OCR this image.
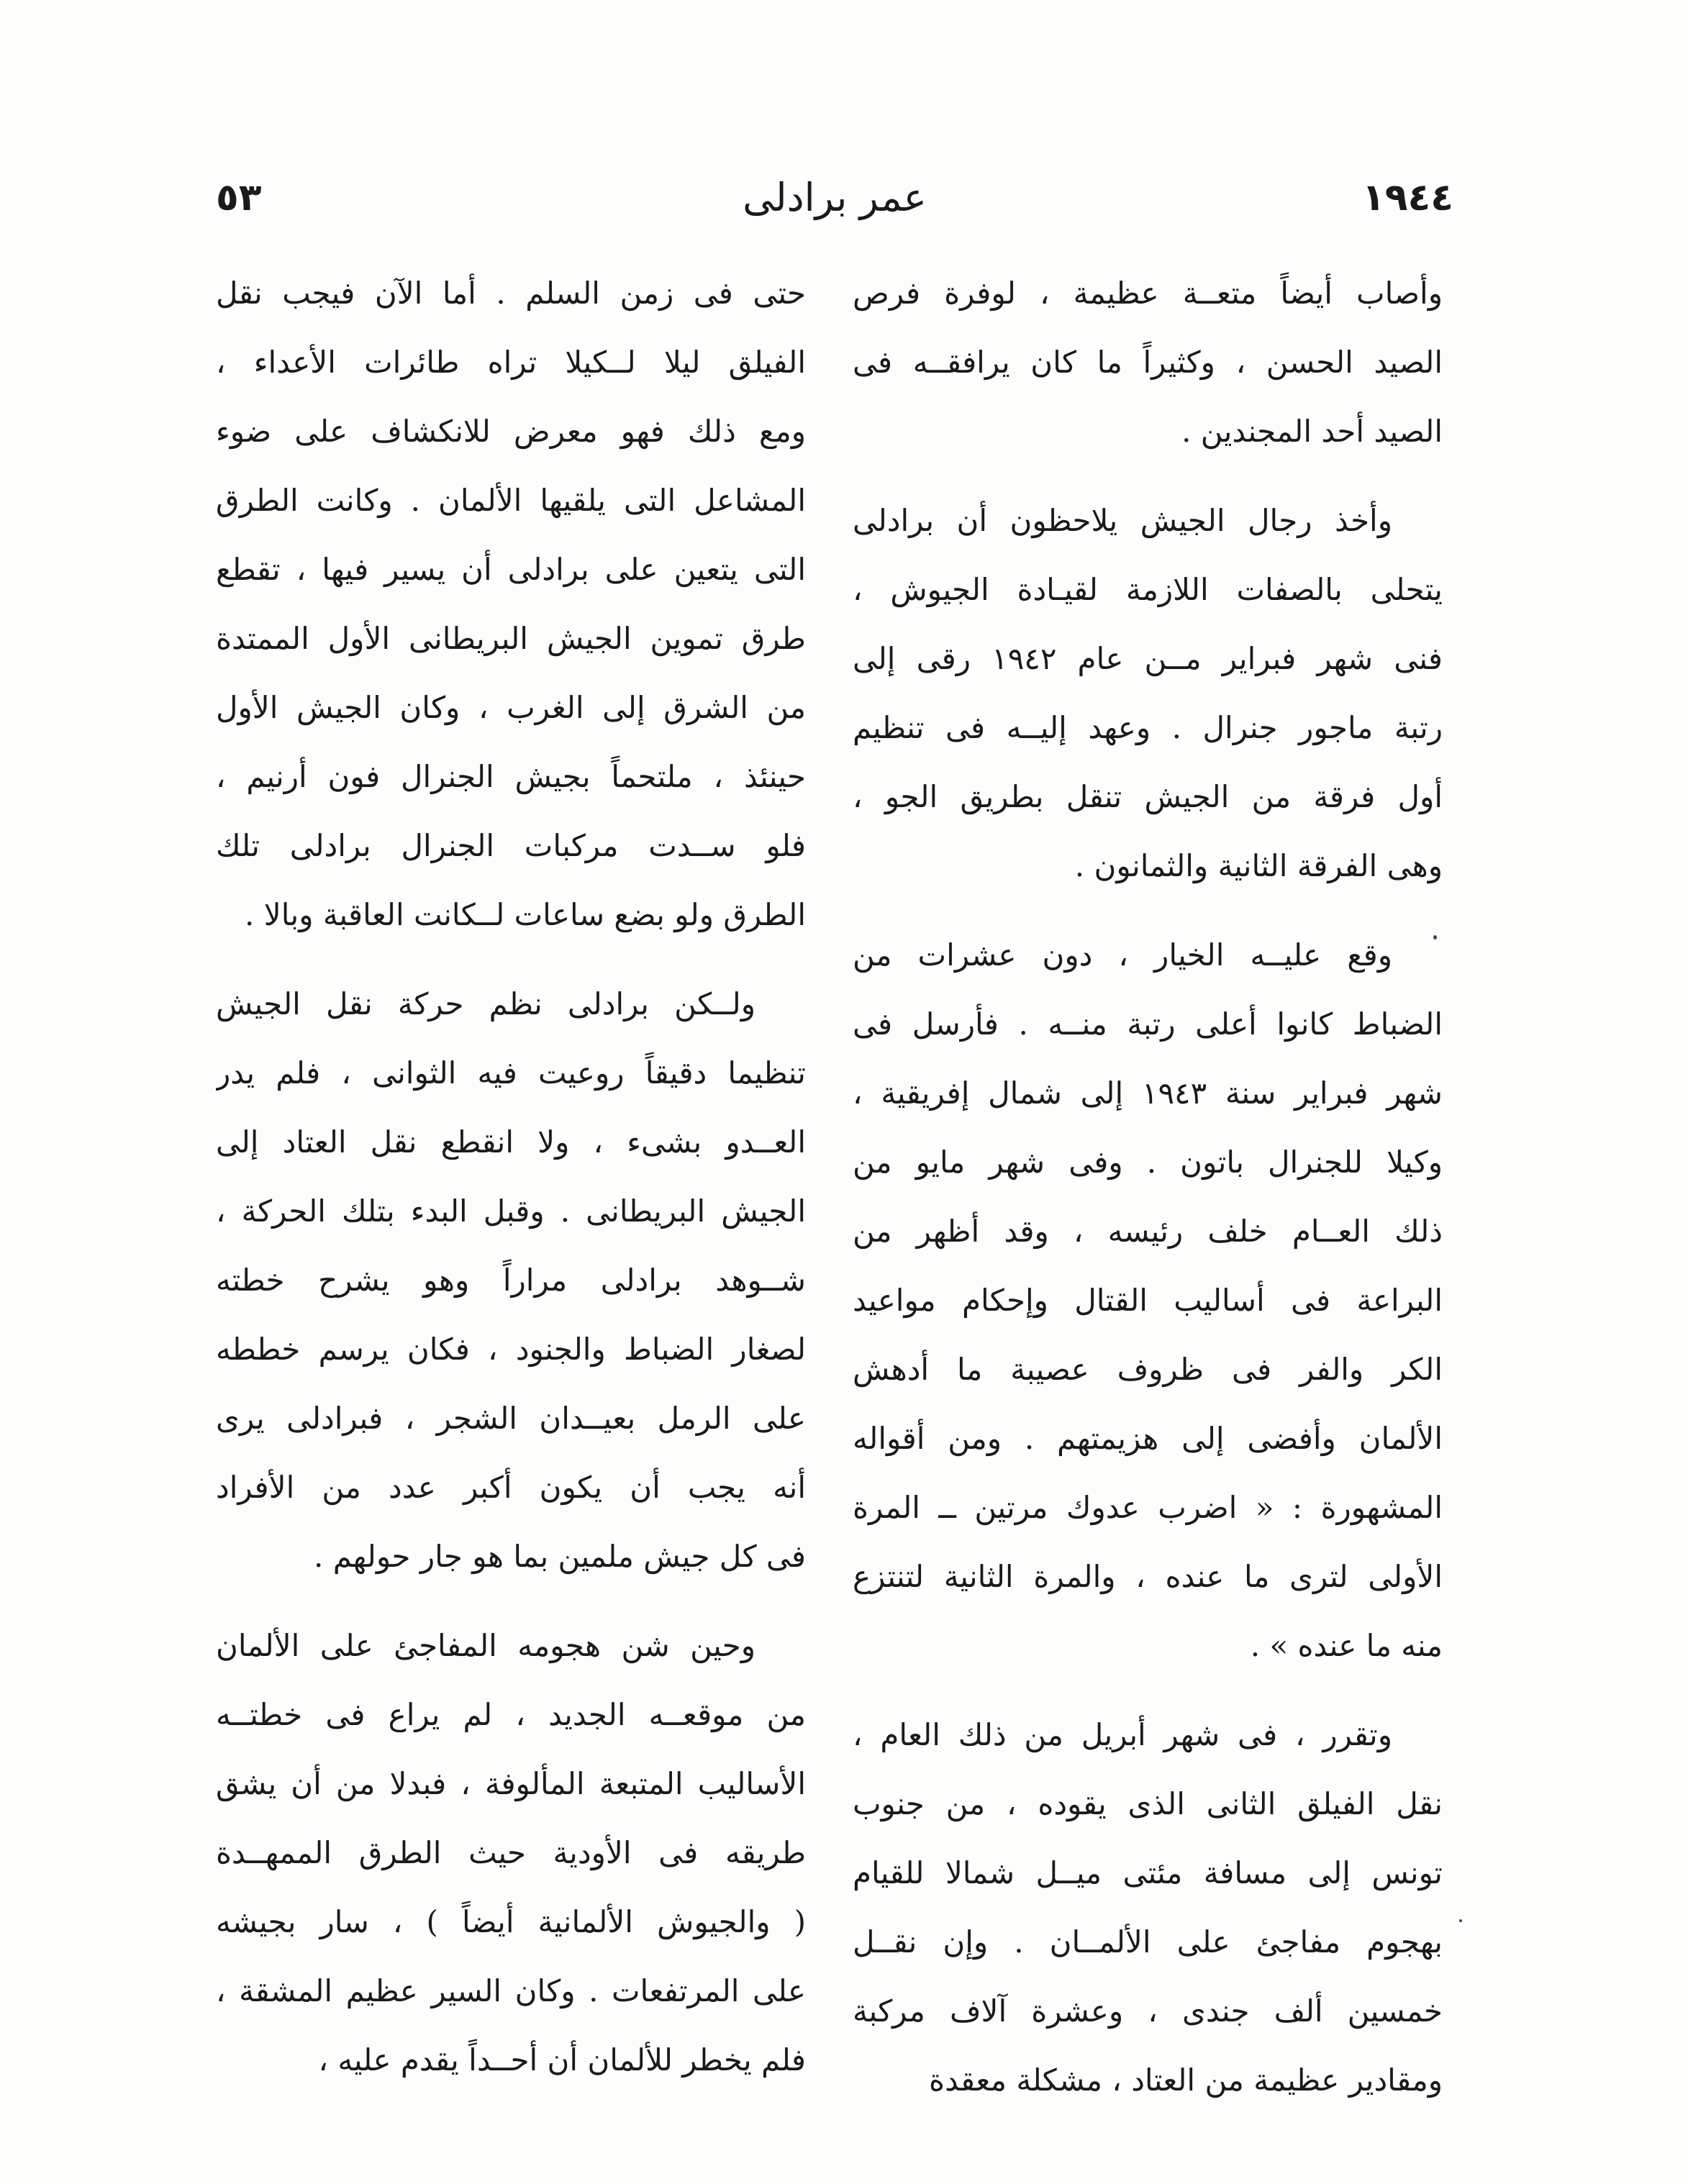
١٩٤٤
عمر برادلى
٥٣
وأصاب أيضاً متعــة عظيمة ، لوفرة فرص
الصيد الحسن ، وكثيراً ما كان يرافقــه فى
الصيد أحد المجندين .
وأخذ رجال الجيش يلاحظون أن برادلى
يتحلى بالصفات اللازمة لقيـادة الجيوش ،
فنى شهر فبراير مــن عام ١٩٤٢ رقى إلى
رتبة ماجور جنرال . وعهد إليــه فى تنظيم
أول فرقة من الجيش تنقل بطريق الجو ،
وهى الفرقة الثانية والثمانون .
وقع عليــه الخيار ، دون عشرات من
الضباط كانوا أعلى رتبة منــه . فأرسل فى
شهر فبراير سنة ١٩٤٣ إلى شمال إفريقية ،
وكيلا للجنرال باتون . وفى شهر مايو من
ذلك العــام خلف رئيسه ، وقد أظهر من
البراعة فى أساليب القتال وإحكام مواعيد
الكر والفر فى ظروف عصيبة ما أدهش
الألمان وأفضى إلى هزيمتهم . ومن أقواله
المشهورة : « اضرب عدوك مرتين ــ المرة
الأولى لترى ما عنده ، والمرة الثانية لتنتزع
منه ما عنده » .
وتقرر ، فى شهر أبريل من ذلك العام ،
نقل الفيلق الثانى الذى يقوده ، من جنوب
تونس إلى مسافة مئتى ميــل شمالا للقيام
بهجوم مفاجئ على الألمــان . وإن نقــل
خمسين ألف جندى ، وعشرة آلاف مركبة
ومقادير عظيمة من العتاد ، مشكلة معقدة
حتى فى زمن السلم . أما الآن فيجب نقل
الفيلق ليلا لــكيلا تراه طائرات الأعداء ،
ومع ذلك فهو معرض للانكشاف على ضوء
المشاعل التى يلقيها الألمان . وكانت الطرق
التى يتعين على برادلى أن يسير فيها ، تقطع
طرق تموين الجيش البريطانى الأول الممتدة
من الشرق إلى الغرب ، وكان الجيش الأول
حينئذ ، ملتحماً بجيش الجنرال فون أرنيم ،
فلو ســدت مركبات الجنرال برادلى تلك
الطرق ولو بضع ساعات لــكانت العاقبة وبالا .
ولــكن برادلى نظم حركة نقل الجيش
تنظيما دقيقاً روعيت فيه الثوانى ، فلم يدر
العــدو بشىء ، ولا انقطع نقل العتاد إلى
الجيش البريطانى . وقبل البدء بتلك الحركة ،
شــوهد برادلى مراراً وهو يشرح خطته
لصغار الضباط والجنود ، فكان يرسم خططه
على الرمل بعيــدان الشجر ، فبرادلى يرى
أنه يجب أن يكون أكبر عدد من الأفراد
فى كل جيش ملمين بما هو جار حولهم .
وحين شن هجومه المفاجئ على الألمان
من موقعــه الجديد ، لم يراع فى خطتــه
الأساليب المتبعة المألوفة ، فبدلا من أن يشق
طريقه فى الأودية حيث الطرق الممهــدة
( والجيوش الألمانية أيضاً ) ، سار بجيشه
على المرتفعات . وكان السير عظيم المشقة ،
فلم يخطر للألمان أن أحــداً يقدم عليه ،
